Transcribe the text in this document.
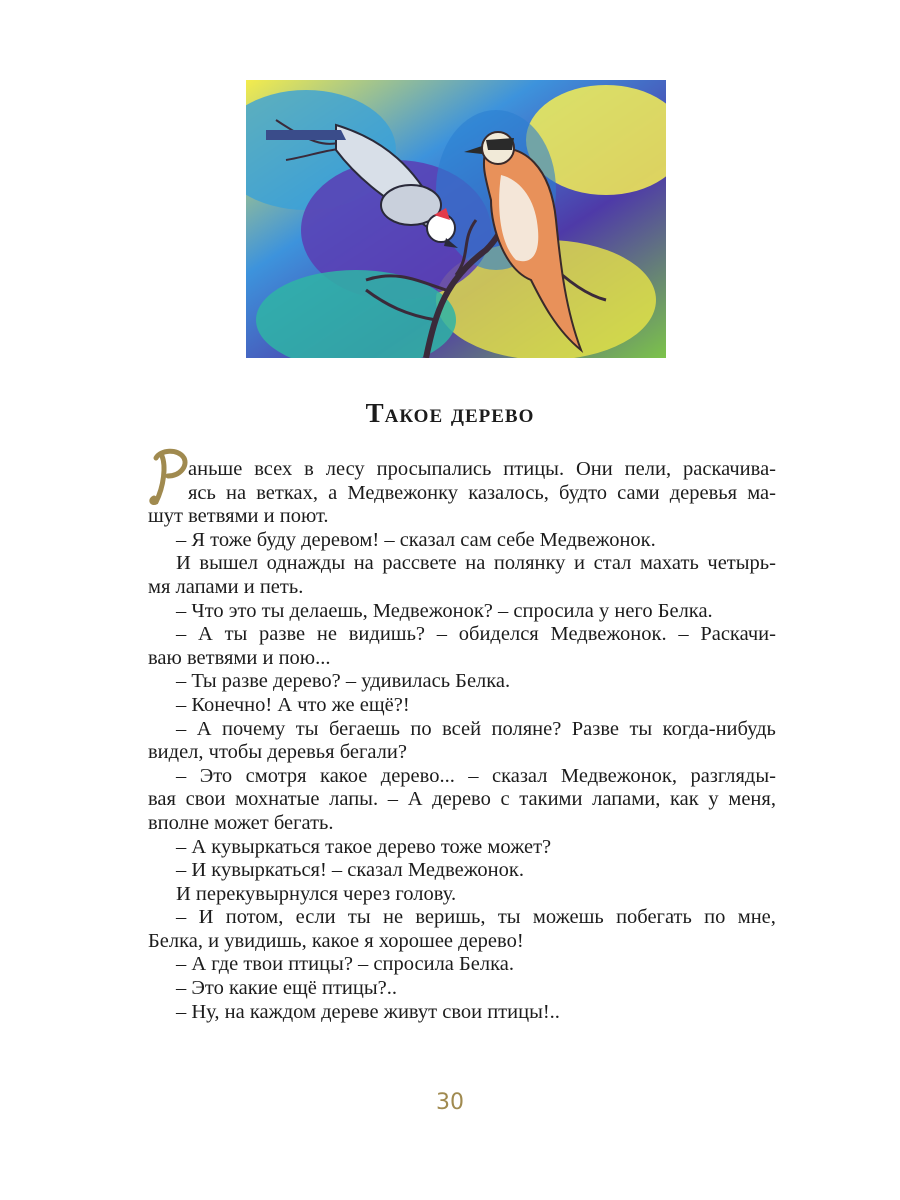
Такое дерево
аньше всех в лесу просыпались птицы. Они пели, раскачива-
ясь на ветках, а Медвежонку казалось, будто сами деревья ма-
шут ветвями и поют.
– Я тоже буду деревом! – сказал сам себе Медвежонок.
И вышел однажды на рассвете на полянку и стал махать четырь-
мя лапами и петь.
– Что это ты делаешь, Медвежонок? – спросила у него Белка.
– А ты разве не видишь? – обиделся Медвежонок. – Раскачи-
ваю ветвями и пою...
– Ты разве дерево? – удивилась Белка.
– Конечно! А что же ещё?!
– А почему ты бегаешь по всей поляне? Разве ты когда-нибудь
видел, чтобы деревья бегали?
– Это смотря какое дерево... – сказал Медвежонок, разгляды-
вая свои мохнатые лапы. – А дерево с такими лапами, как у меня,
вполне может бегать.
– А кувыркаться такое дерево тоже может?
– И кувыркаться! – сказал Медвежонок.
И перекувырнулся через голову.
– И потом, если ты не веришь, ты можешь побегать по мне,
Белка, и увидишь, какое я хорошее дерево!
– А где твои птицы? – спросила Белка.
– Это какие ещё птицы?..
– Ну, на каждом дереве живут свои птицы!..
30
